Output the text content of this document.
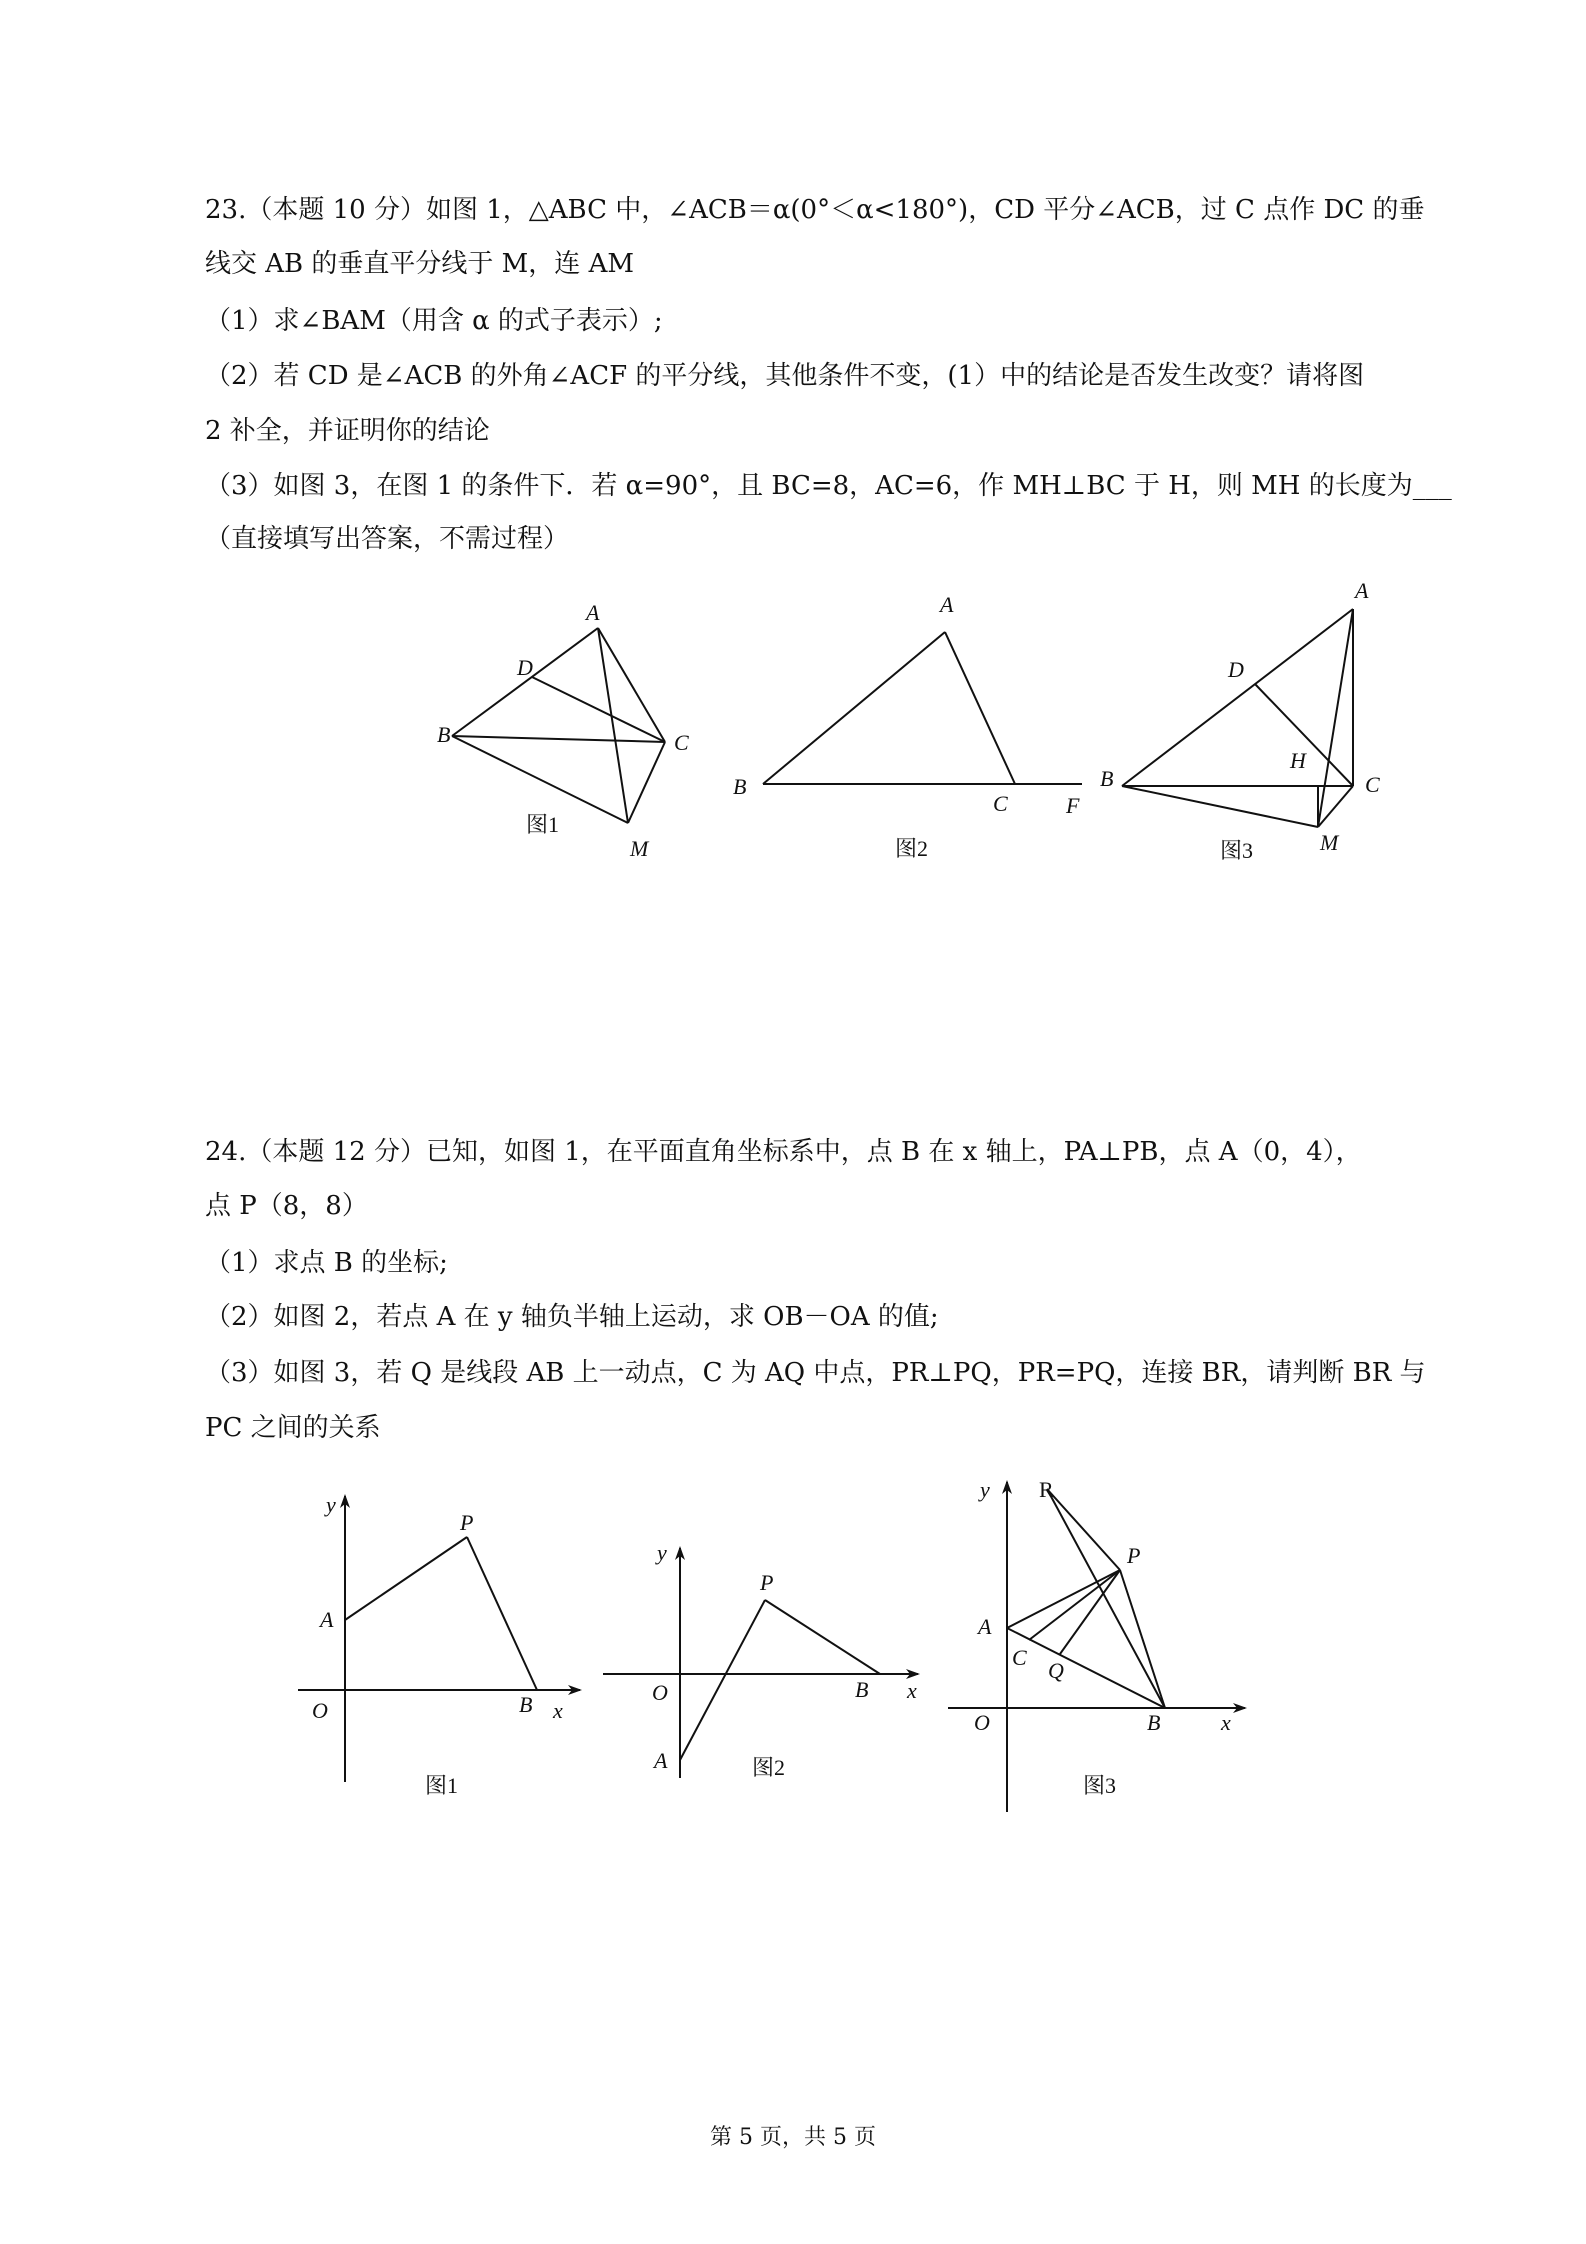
23.（本题 10 分）如图 1，△ABC 中，∠ACB＝α(0°＜α<180°)，CD 平分∠ACB，过 C 点作 DC 的垂
线交 AB 的垂直平分线于 M，连 AM
（1）求∠BAM（用含 α 的式子表示）;
（2）若 CD 是∠ACB 的外角∠ACF 的平分线，其他条件不变，(1）中的结论是否发生改变？请将图
2 补全，并证明你的结论
（3）如图 3，在图 1 的条件下．若 α=90°，且 BC=8，AC=6，作 MH⊥BC 于 H，则 MH 的长度为___
（直接填写出答案，不需过程）
24.（本题 12 分）已知，如图 1，在平面直角坐标系中，点 B 在 x 轴上，PA⊥PB，点 A（0，4），
点 P（8，8）
（1）求点 B 的坐标;
（2）如图 2，若点 A 在 y 轴负半轴上运动，求 OB－OA 的值;
（3）如图 3，若 Q 是线段 AB 上一动点，C 为 AQ 中点，PR⊥PQ，PR=PQ，连接 BR，请判断 BR 与
PC 之间的关系
A
D
B	C
M
图1
A
B
C	F
图2
A
D
B
H
C
M
图3
y
P
A
O	B x
图1
y
P
O	B x
A	图2
y R
P
A
C
Q
O	B	x
图3
第 5 页，共 5 页
